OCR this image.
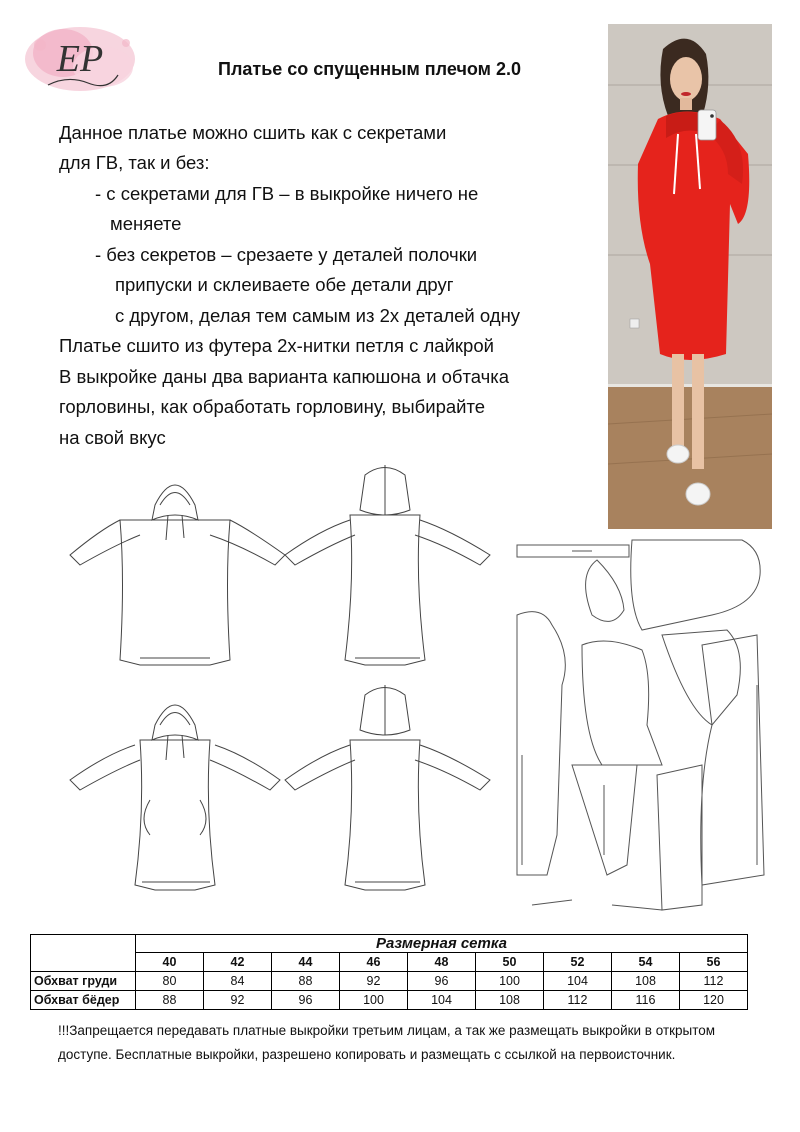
ЕР	Платье со спущенным плечом 2.0
Данное платье можно сшить как с секретами
для ГВ, так и без:
- с секретами для ГВ – в выкройке ничего не
меняете
- без секретов – срезаете у деталей полочки
припуски и склеиваете обе детали друг
с другом, делая тем самым из 2х деталей одну
Платье сшито из футера 2х-нитки петля с лайкрой
В выкройке даны два варианта капюшона и обтачка
горловины, как обработать горловину, выбирайте
на свой вкус
	Размерная сетка								
	40	42	44	46	48	50	52	54	56
Обхват груди	80	84	88	92	96	100	104	108	112
Обхват бёдер	88	92	96	100	104	108	112	116	120
!!!Запрещается передавать платные выкройки третьим лицам, а так же размещать выкройки в открытом доступе. Бесплатные выкройки, разрешено копировать и размещать с ссылкой на первоисточник.
